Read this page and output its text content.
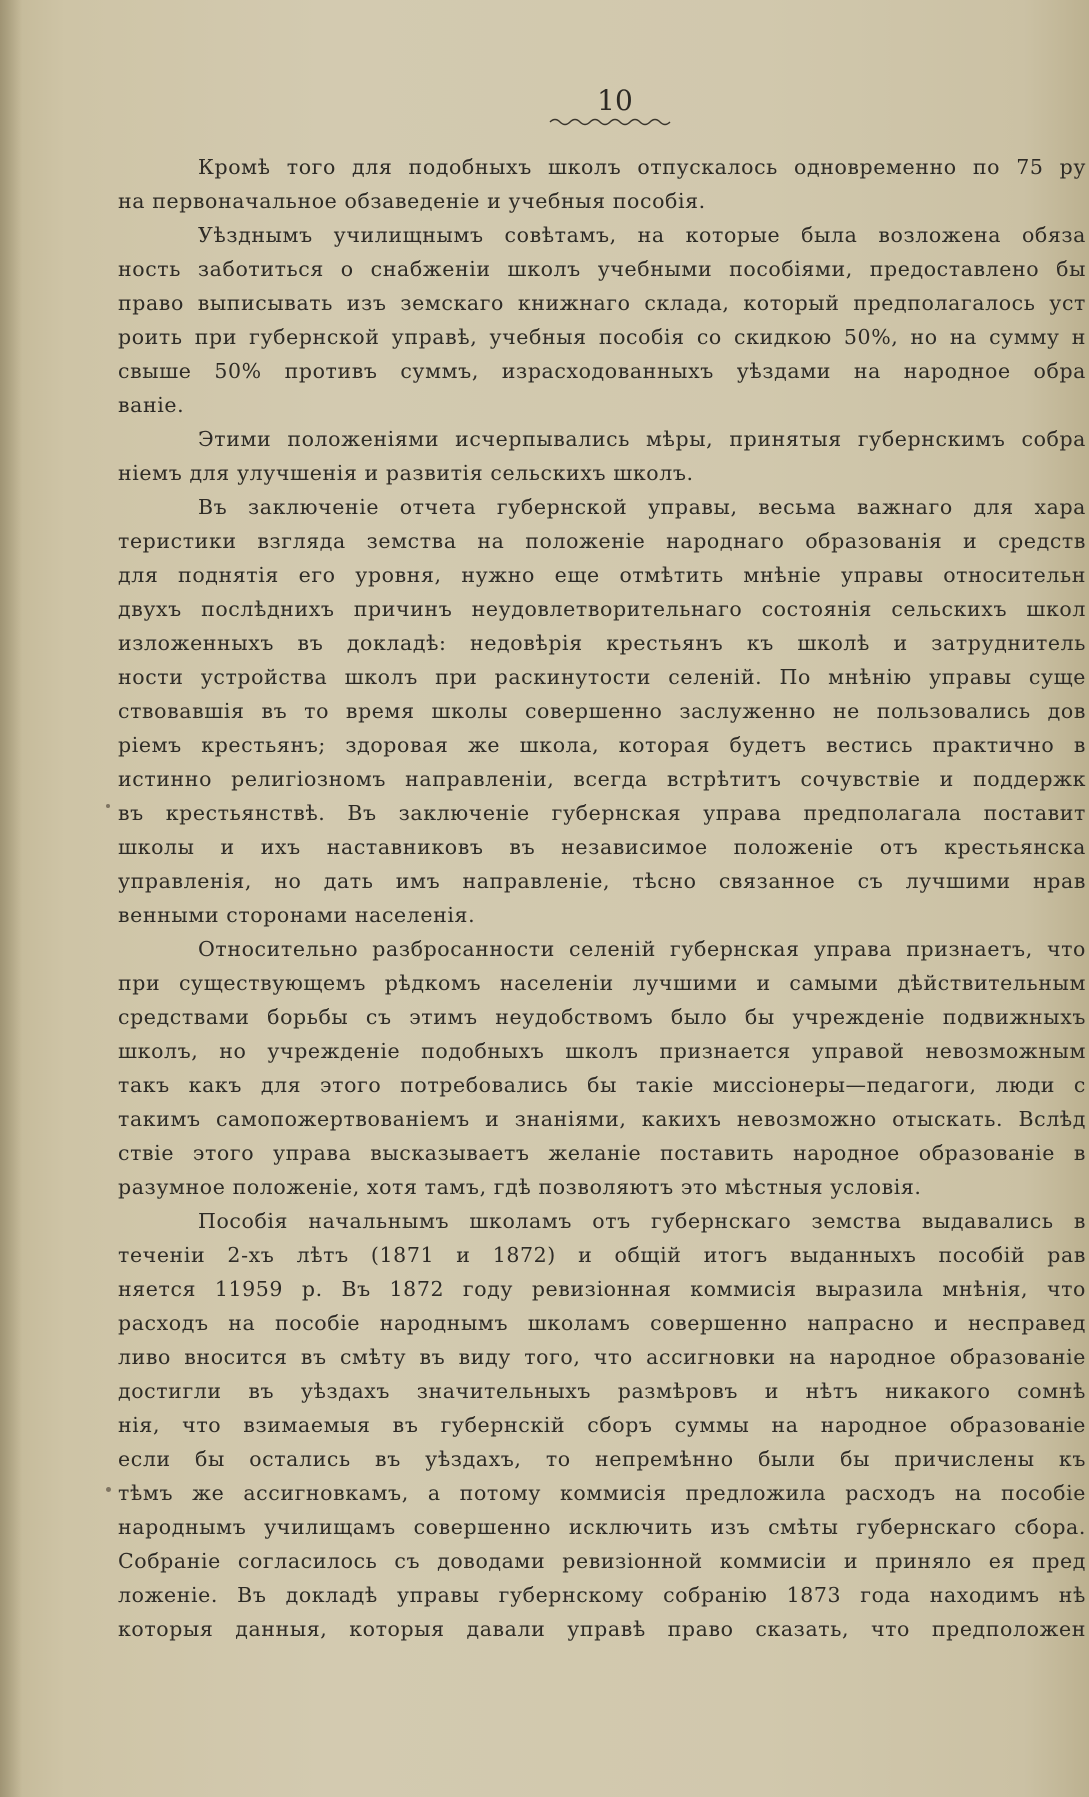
10

Кромѣ того для подобныхъ школъ отпускалось одновременно по 75 ру
на первоначальное обзаведеніе и учебныя пособія.
Уѣзднымъ училищнымъ совѣтамъ, на которые была возложена обяза
ность заботиться о снабженіи школъ учебными пособіями, предоставлено бы
право выписывать изъ земскаго книжнаго склада, который предполагалось уст
роить при губернской управѣ, учебныя пособія со скидкою 50%, но на сумму н
свыше 50% противъ суммъ, израсходованныхъ уѣздами на народное обра
ваніе.
Этими положеніями исчерпывались мѣры, принятыя губернскимъ собра
ніемъ для улучшенія и развитія сельскихъ школъ.
Въ заключеніе отчета губернской управы, весьма важнаго для хара
теристики взгляда земства на положеніе народнаго образованія и средств
для поднятія его уровня, нужно еще отмѣтить мнѣніе управы относительн
двухъ послѣднихъ причинъ неудовлетворительнаго состоянія сельскихъ школ
изложенныхъ въ докладѣ: недовѣрія крестьянъ къ школѣ и затруднитель
ности устройства школъ при раскинутости селеній. По мнѣнію управы суще
ствовавшія въ то время школы совершенно заслуженно не пользовались дов
ріемъ крестьянъ; здоровая же школа, которая будетъ вестись практично в
истинно религіозномъ направленіи, всегда встрѣтитъ сочувствіе и поддержк
въ крестьянствѣ. Въ заключеніе губернская управа предполагала поставит
школы и ихъ наставниковъ въ независимое положеніе отъ крестьянска
управленія, но дать имъ направленіе, тѣсно связанное съ лучшими нрав
венными сторонами населенія.
Относительно разбросанности селеній губернская управа признаетъ, что
при существующемъ рѣдкомъ населеніи лучшими и самыми дѣйствительным
средствами борьбы съ этимъ неудобствомъ было бы учрежденіе подвижныхъ
школъ, но учрежденіе подобныхъ школъ признается управой невозможным
такъ какъ для этого потребовались бы такіе миссіонеры—педагоги, люди с
такимъ самопожертвованіемъ и знаніями, какихъ невозможно отыскать. Вслѣд
ствіе этого управа высказываетъ желаніе поставить народное образованіе в
разумное положеніе, хотя тамъ, гдѣ позволяютъ это мѣстныя условія.
Пособія начальнымъ школамъ отъ губернскаго земства выдавались в
теченіи 2-хъ лѣтъ (1871 и 1872) и общій итогъ выданныхъ пособій рав
няется 11959 р. Въ 1872 году ревизіонная коммисія выразила мнѣнія, что
расходъ на пособіе народнымъ школамъ совершенно напрасно и несправед
ливо вносится въ смѣту въ виду того, что ассигновки на народное образованіе
достигли въ уѣздахъ значительныхъ размѣровъ и нѣтъ никакого сомнѣ
нія, что взимаемыя въ губернскій сборъ суммы на народное образованіе
если бы остались въ уѣздахъ, то непремѣнно были бы причислены къ
тѣмъ же ассигновкамъ, а потому коммисія предложила расходъ на пособіе
народнымъ училищамъ совершенно исключить изъ смѣты губернскаго сбора.
Собраніе согласилось съ доводами ревизіонной коммисіи и приняло ея пред
ложеніе. Въ докладѣ управы губернскому собранію 1873 года находимъ нѣ
которыя данныя, которыя давали управѣ право сказать, что предположен
